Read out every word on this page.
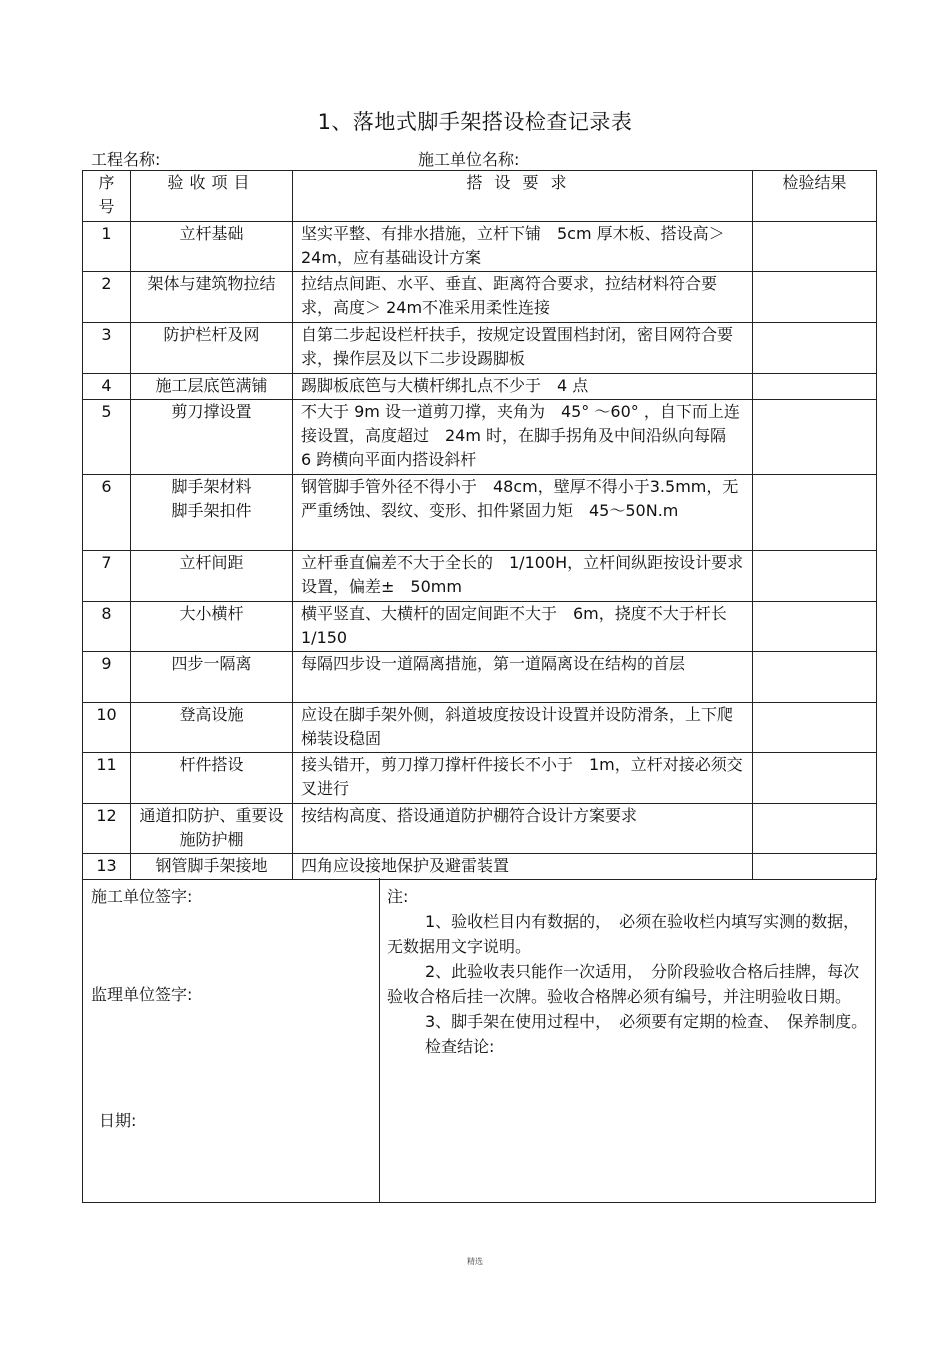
1、落地式脚手架搭设检查记录表
工程名称:	施工单位名称:
序号	验收项目	搭设要求	检验结果
1	立杆基础	坚实平整、有排水措施，立杆下铺　5cm 厚木板、搭设高＞24m，应有基础设计方案	
2	架体与建筑物拉结	拉结点间距、水平、垂直、距离符合要求，拉结材料符合要求，高度＞ 24m不准采用柔性连接	
3	防护栏杆及网	自第二步起设栏杆扶手，按规定设置围档封闭，密目网符合要求，操作层及以下二步设踢脚板	
4	施工层底笆满铺	踢脚板底笆与大横杆绑扎点不少于　4 点	
5	剪刀撑设置	不大于 9m 设一道剪刀撑，夹角为　45° ～60° ，自下而上连接设置，高度超过　24m 时，在脚手拐角及中间沿纵向每隔　6 跨横向平面内搭设斜杆	
6	脚手架材料 脚手架扣件	钢管脚手管外径不得小于　48cm，壁厚不得小于3.5mm，无严重绣蚀、裂纹、变形、扣件紧固力矩　45～50N.m	
7	立杆间距	立杆垂直偏差不大于全长的　1/100H，立杆间纵距按设计要求设置，偏差±　50mm	
8	大小横杆	横平竖直、大横杆的固定间距不大于　6m，挠度不大于杆长 1/150	
9	四步一隔离	每隔四步设一道隔离措施，第一道隔离设在结构的首层	
10	登高设施	应设在脚手架外侧，斜道坡度按设计设置并设防滑条，上下爬梯装设稳固	
11	杆件搭设	接头错开，剪刀撑刀撑杆件接长不小于　1m，立杆对接必须交叉进行	
12	通道扣防护、重要设施防护棚	按结构高度、搭设通道防护棚符合设计方案要求	
13	钢管脚手架接地	四角应设接地保护及避雷装置	
施工单位签字:
监理单位签字:
日期:

注:

1、验收栏目内有数据的，　必须在验收栏内填写实测的数据，无数据用文字说明。

2、此验收表只能作一次适用，　分阶段验收合格后挂牌，每次验收合格后挂一次牌。验收合格牌必须有编号，并注明验收日期。

3、脚手架在使用过程中，　必须要有定期的检查、　保养制度。

检查结论:

精选
